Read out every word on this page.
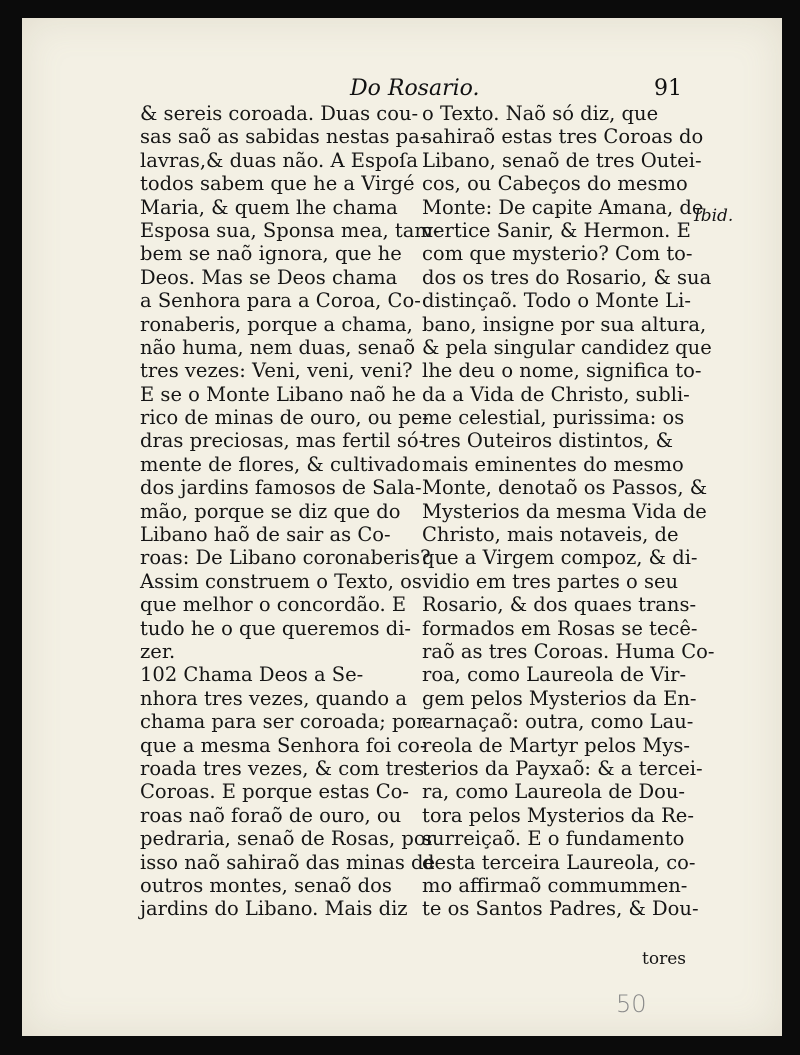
Do Rosario.	91
& sereis coroada. Duas cou-
sas saõ as sabidas nestas pa-
lavras,& duas não. A Espoſa
todos sabem que he a Virgé
Maria, & quem lhe chama
Esposa sua, Sponsa mea, tam-
bem se naõ ignora, que he
Deos. Mas se Deos chama
a Senhora para a Coroa, Co-
ronaberis, porque a chama,
não huma, nem duas, senaõ
tres vezes: Veni, veni, veni?
E se o Monte Libano naõ he
rico de minas de ouro, ou pe-
dras preciosas, mas fertil só-
mente de flores, & cultivado
dos jardins famosos de Sala-
mão, porque se diz que do
Libano haõ de sair as Co-
roas: De Libano coronaberis?
Assim construem o Texto, os
que melhor o concordão. E
tudo he o que queremos di-
zer.
102 Chama Deos a Se-
nhora tres vezes, quando a
chama para ser coroada; por-
que a mesma Senhora foi co-
roada tres vezes, & com tres
Coroas. E porque estas Co-
roas naõ foraõ de ouro, ou
pedraria, senaõ de Rosas, por
isso naõ sahiraõ das minas de
outros montes, senaõ dos
jardins do Libano. Mais diz
o Texto. Naõ só diz, que
sahiraõ estas tres Coroas do
Libano, senaõ de tres Outei-
cos, ou Cabeços do mesmo
Monte: De capite Amana, de
vertice Sanir, & Hermon. E
com que mysterio? Com to-
dos os tres do Rosario, & sua
distinçaõ. Todo o Monte Li-
bano, insigne por sua altura,
& pela singular candidez que
lhe deu o nome, significa to-
da a Vida de Christo, subli-
me celestial, purissima: os
tres Outeiros distintos, &
mais eminentes do mesmo
Monte, denotaõ os Passos, &
Mysterios da mesma Vida de
Christo, mais notaveis, de
que a Virgem compoz, & di-
vidio em tres partes o seu
Rosario, & dos quaes trans-
formados em Rosas se tecê-
raõ as tres Coroas. Huma Co-
roa, como Laureola de Vir-
gem pelos Mysterios da En-
carnaçaõ: outra, como Lau-
reola de Martyr pelos Mys-
terios da Payxaõ: & a tercei-
ra, como Laureola de Dou-
tora pelos Mysterios da Re-
surreiçaõ. E o fundamento
desta terceira Laureola, co-
mo affirmaõ commummen-
te os Santos Padres, & Dou-
Ibid.
tores
50
